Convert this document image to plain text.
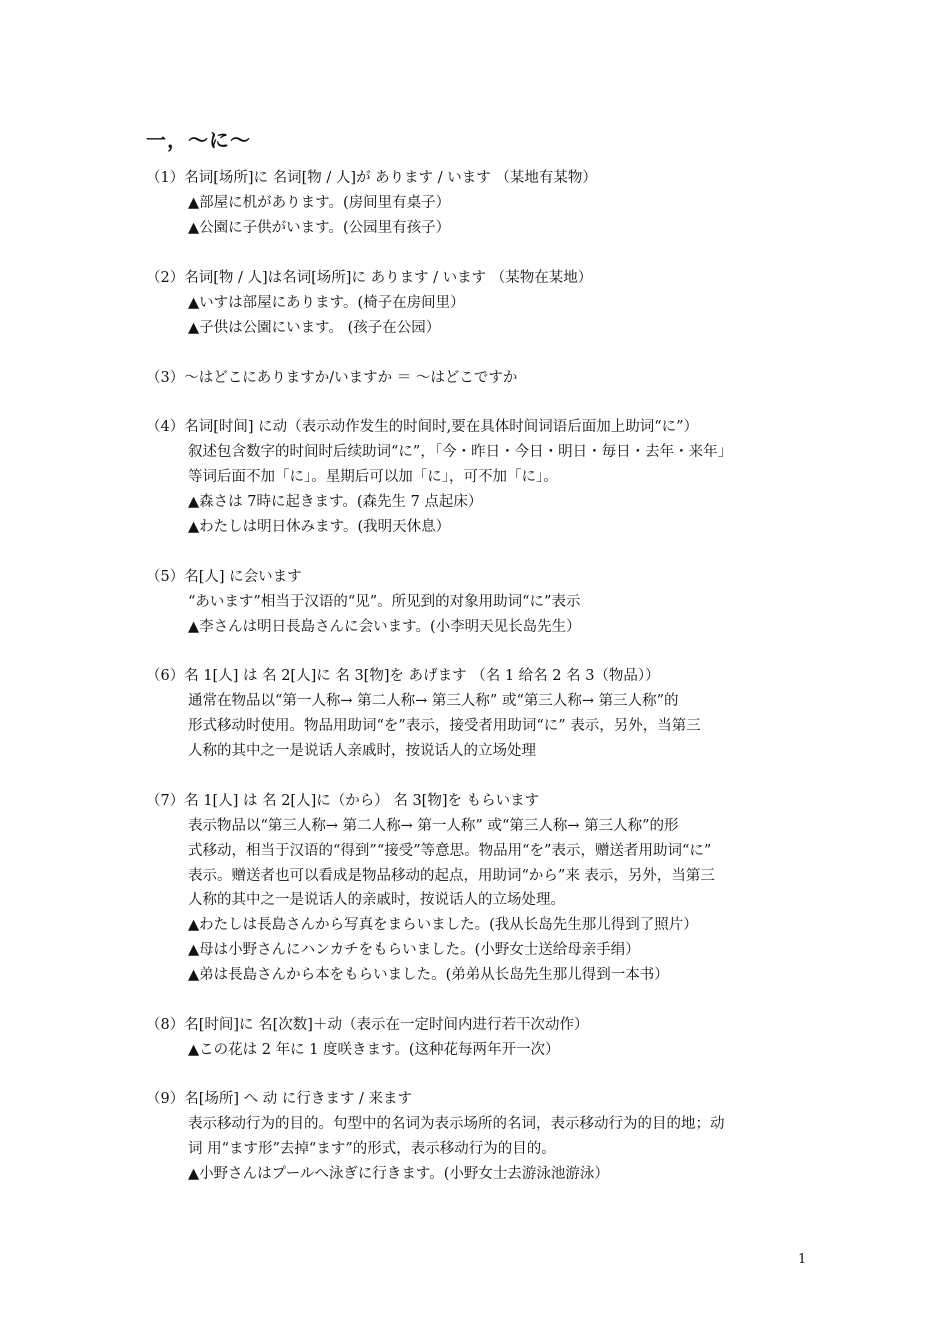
一，～に～
（1）名词[场所]に 名词[物 / 人]が あります / います （某地有某物）
▲部屋に机があります。(房间里有桌子）
▲公園に子供がいます。(公园里有孩子）
（2）名词[物 / 人]は名词[场所]に あります / います （某物在某地）
▲いすは部屋にあります。(椅子在房间里）
▲子供は公園にいます。 (孩子在公园）
（3）～はどこにありますか/いますか ＝ ～はどこですか
（4）名词[时间] に动（表示动作发生的时间时,要在具体时间词语后面加上助词“に”）
叙述包含数字的时间时后续助词“に”，「今・昨日・今日・明日・毎日・去年・来年」
等词后面不加「に」。星期后可以加「に」，可不加「に」。
▲森さは 7時に起きます。(森先生 7 点起床）
▲わたしは明日休みます。(我明天休息）
（5）名[人] に会います
“あいます”相当于汉语的“见”。所见到的对象用助词“に”表示
▲李さんは明日長島さんに会います。(小李明天见长岛先生）
（6）名 1[人] は 名 2[人]に 名 3[物]を あげます （名 1 给名 2 名 3（物品））
通常在物品以“第一人称→ 第二人称→ 第三人称” 或“第三人称→ 第三人称”的
形式移动时使用。物品用助词“を”表示，接受者用助词“に” 表示，另外，当第三
人称的其中之一是说话人亲戚时，按说话人的立场处理
（7）名 1[人] は 名 2[人]に（から） 名 3[物]を もらいます
表示物品以“第三人称→ 第二人称→ 第一人称” 或“第三人称→ 第三人称”的形
式移动，相当于汉语的“得到”“接受”等意思。物品用“を”表示，赠送者用助词“に”
表示。赠送者也可以看成是物品移动的起点，用助词“から”来 表示，另外，当第三
人称的其中之一是说话人的亲戚时，按说话人的立场处理。
▲わたしは長島さんから写真をまらいました。(我从长岛先生那儿得到了照片）
▲母は小野さんにハンカチをもらいました。(小野女士送给母亲手绢）
▲弟は長島さんから本をもらいました。(弟弟从长岛先生那儿得到一本书）
（8）名[时间]に 名[次数]＋动（表示在一定时间内进行若干次动作）
▲この花は 2 年に 1 度咲きます。(这种花每两年开一次）
（9）名[场所] へ 动 に行きます / 来ます
表示移动行为的目的。句型中的名词为表示场所的名词，表示移动行为的目的地；动
词 用“ます形”去掉“ます”的形式，表示移动行为的目的。
▲小野さんはプールへ泳ぎに行きます。(小野女士去游泳池游泳）
1
